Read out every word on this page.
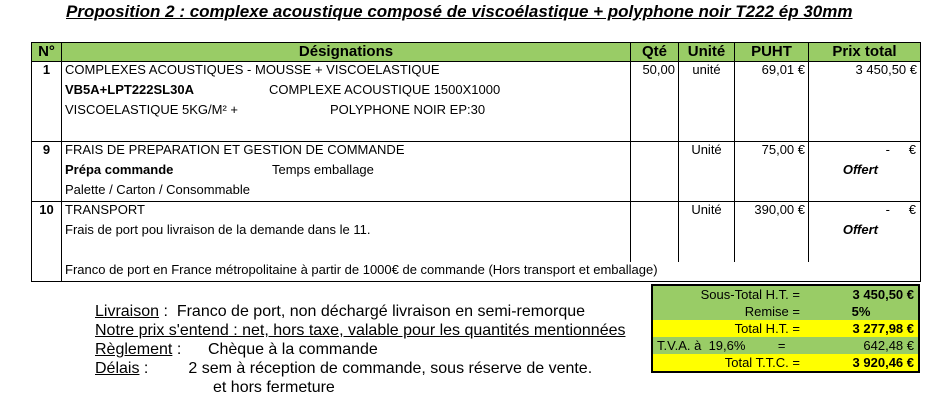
Proposition 2 : complexe acoustique composé de viscoélastique + polyphone noir T222 ép 30mm
N°	Désignations	Qté	Unité	PUHT	Prix total
1	COMPLEXES ACOUSTIQUES - MOUSSE + VISCOELASTIQUE	50,00	unité	69,01 €	3 450,50 €
	VB5A+LPT222SL30A COMPLEXE ACOUSTIQUE 1500X1000				
	VISCOELASTIQUE 5KG/M² + POLYPHONE NOIR EP:30				

9	FRAIS DE PREPARATION ET GESTION DE COMMANDE		Unité	75,00 €	- €
	Prépa commande Temps emballage				Offert
	Palette / Carton / Consommable				
10	TRANSPORT		Unité	390,00 €	- €
	Frais de port pou livraison de la demande dans le 11.				Offert

	Franco de port en France métropolitaine à partir de 1000€ de commande (Hors transport et emballage)				
Livraison : Franco de port, non déchargé livraison en semi-remorque
Notre prix s'entend : net, hors taxe, valable pour les quantités mentionnées
Règlement : Chèque à la commande
Délais :	2 sem à réception de commande, sous réserve de vente.
et hors fermeture
Sous-Total H.T. =	3 450,50 €
Remise =	5%
Total H.T. =	3 277,98 €
T.V.A. à 19,6% =	642,48 €
Total T.T.C. =	3 920,46 €
